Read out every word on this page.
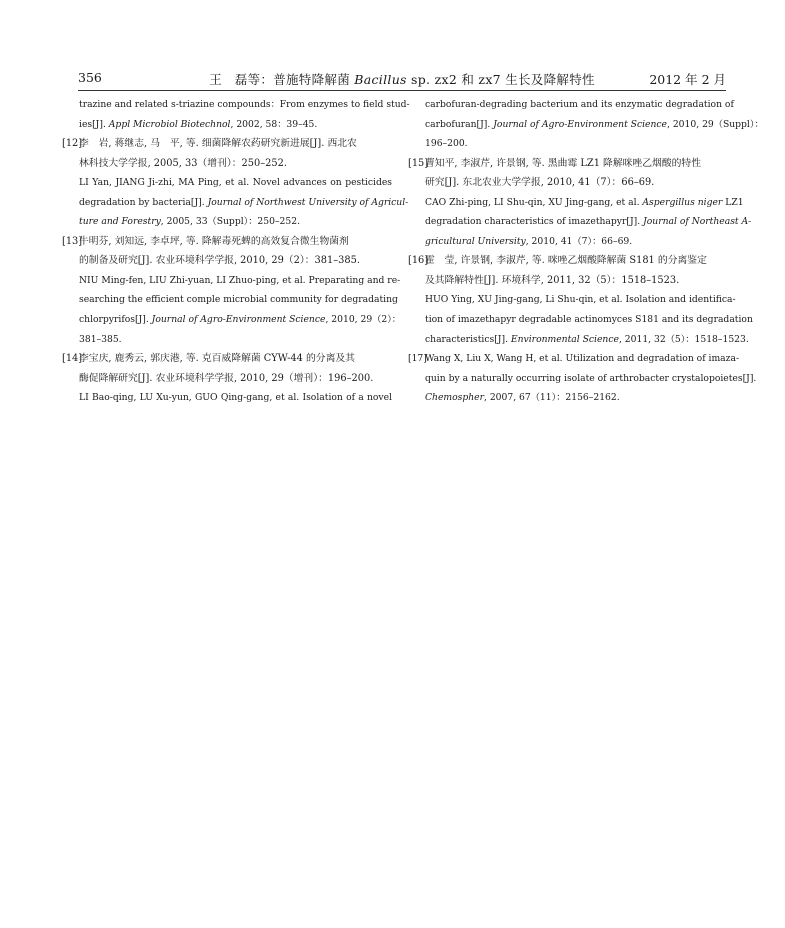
356	王　磊等：普施特降解菌 Bacillus sp. zx2 和 zx7 生长及降解特性	2012 年 2 月
trazine and related s-triazine compounds：From enzymes to field stud-
ies[J]. Appl Microbiol Biotechnol, 2002, 58：39–45.
[12]李　岩, 蒋继志, 马　平, 等. 细菌降解农药研究新进展[J]. 西北农
林科技大学学报, 2005, 33（增刊）：250–252.
LI Yan, JIANG Ji-zhi, MA Ping, et al. Novel advances on pesticides
degradation by bacteria[J]. Journal of Northwest University of Agricul-
ture and Forestry, 2005, 33（Suppl）：250–252.
[13]牛明芬, 刘知远, 李卓坪, 等. 降解毒死蜱的高效复合微生物菌剂
的制备及研究[J]. 农业环境科学学报, 2010, 29（2）：381–385.
NIU Ming-fen, LIU Zhi-yuan, LI Zhuo-ping, et al. Preparating and re-
searching the efficient comple microbial community for degradating
chlorpyrifos[J]. Journal of Agro-Environment Science, 2010, 29（2）：
381–385.
[14]李宝庆, 鹿秀云, 郭庆港, 等. 克百威降解菌 CYW-44 的分离及其
酶促降解研究[J]. 农业环境科学学报, 2010, 29（增刊）：196–200.
LI Bao-qing, LU Xu-yun, GUO Qing-gang, et al. Isolation of a novel
carbofuran-degrading bacterium and its enzymatic degradation of
carbofuran[J]. Journal of Agro-Environment Science, 2010, 29（Suppl）：
196–200.
[15]曹知平, 李淑芹, 许景钢, 等. 黑曲霉 LZ1 降解咪唑乙烟酸的特性
研究[J]. 东北农业大学学报, 2010, 41（7）：66–69.
CAO Zhi-ping, LI Shu-qin, XU Jing-gang, et al. Aspergillus niger LZ1
degradation characteristics of imazethapyr[J]. Journal of Northeast A-
gricultural University, 2010, 41（7）：66–69.
[16]霍　莹, 许景钢, 李淑芹, 等. 咪唑乙烟酸降解菌 S181 的分离鉴定
及其降解特性[J]. 环境科学, 2011, 32（5）：1518–1523.
HUO Ying, XU Jing-gang, Li Shu-qin, et al. Isolation and identifica-
tion of imazethapyr degradable actinomyces S181 and its degradation
characteristics[J]. Environmental Science, 2011, 32（5）：1518–1523.
[17]Wang X, Liu X, Wang H, et al. Utilization and degradation of imaza-
quin by a naturally occurring isolate of arthrobacter crystalopoietes[J].
Chemospher, 2007, 67（11）：2156–2162.
